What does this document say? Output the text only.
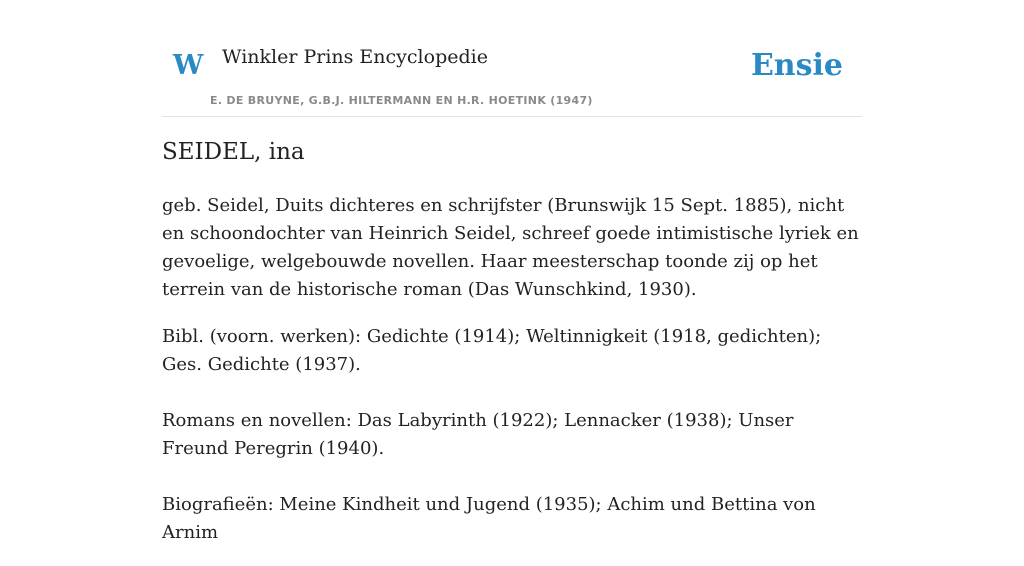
W Winkler Prins Encyclopedie
E. DE BRUYNE, G.B.J. HILTERMANN EN H.R. HOETINK (1947)
Ensie
SEIDEL, ina

geb. Seidel, Duits dichteres en schrijfster (Brunswijk 15 Sept. 1885), nicht en schoondochter van Heinrich Seidel, schreef goede intimistische lyriek en gevoelige, welgebouwde novellen. Haar meesterschap toonde zij op het terrein van de historische roman (Das Wunschkind, 1930).

Bibl. (voorn. werken): Gedichte (1914); Weltinnigkeit (1918, gedichten); Ges. Gedichte (1937).

Romans en novellen: Das Labyrinth (1922); Lennacker (1938); Unser Freund Peregrin (1940).

Biografieën: Meine Kindheit und Jugend (1935); Achim und Bettina von Arnim
